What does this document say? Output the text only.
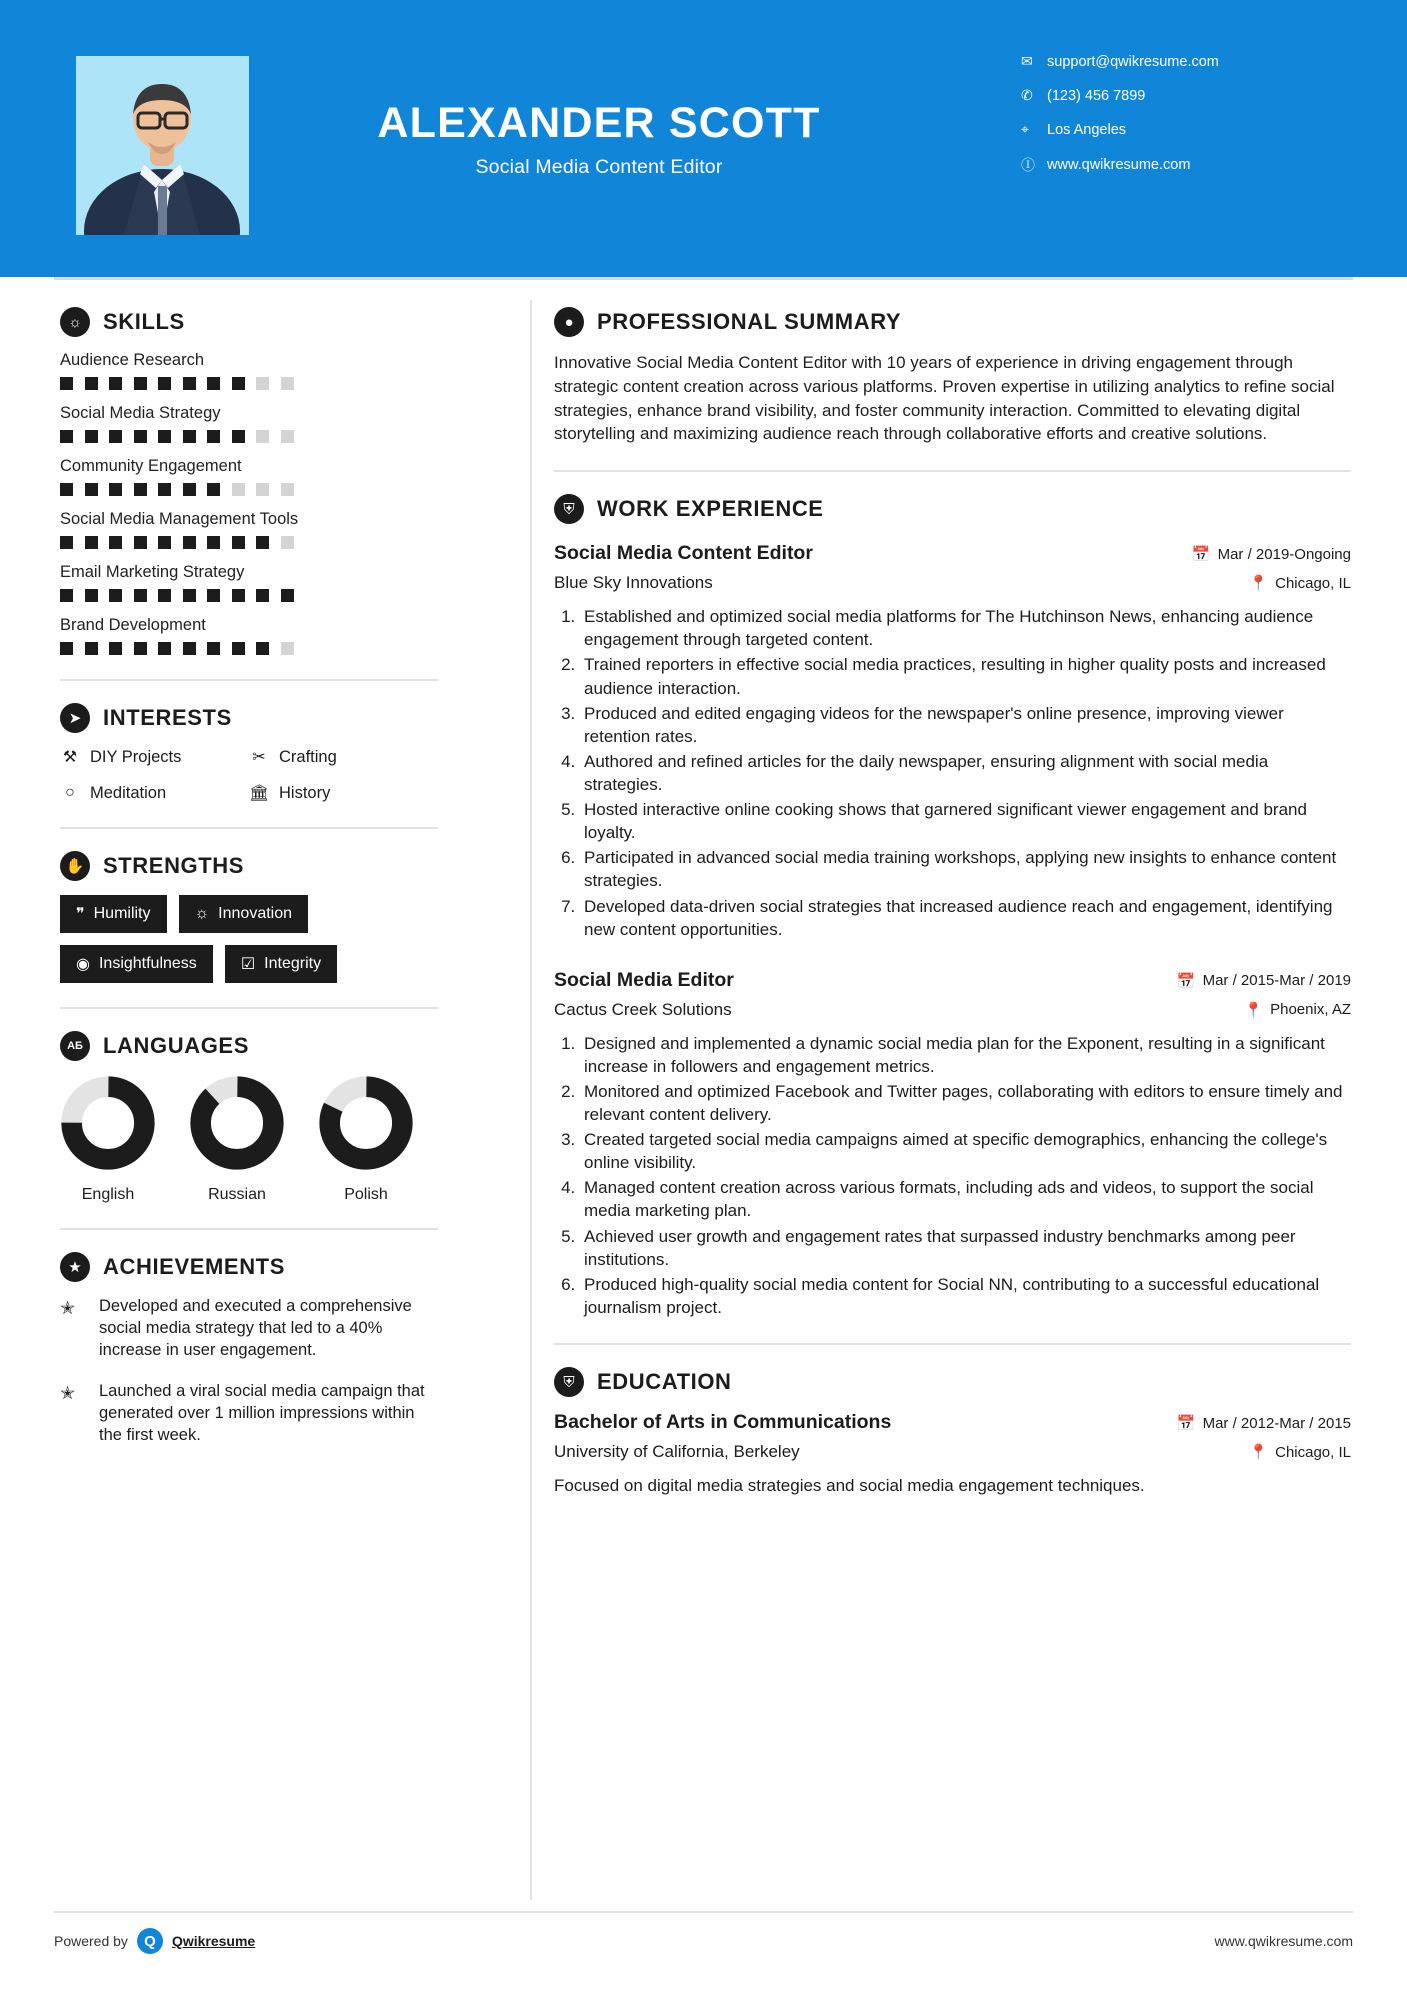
ALEXANDER SCOTT
Social Media Content Editor
✉ support@qwikresume.com
✆ (123) 456 7899
⌖	Los Angeles
Ⓘ www.qwikresume.com
☼ SKILLS
Audience Research
Social Media Strategy
Community Engagement
Social Media Management Tools
Email Marketing Strategy
Brand Development
➤ INTERESTS
⚒ DIY Projects	✂ Crafting
○ Meditation	🏛 History
✋ STRENGTHS
❞ Humility	☼ Innovation
◉ Insightfulness	☑ Integrity
AБ LANGUAGES
English	Russian	Polish
★ ACHIEVEMENTS
✭	Developed and executed a comprehensive social media strategy that led to a 40% increase in user engagement.
✭	Launched a viral social media campaign that generated over 1 million impressions within the first week.
●	PROFESSIONAL SUMMARY
Innovative Social Media Content Editor with 10 years of experience in driving engagement through strategic content creation across various platforms. Proven expertise in utilizing analytics to refine social strategies, enhance brand visibility, and foster community interaction. Committed to elevating digital storytelling and maximizing audience reach through collaborative efforts and creative solutions.
⛨	WORK EXPERIENCE
Social Media Content Editor	📅 Mar / 2019-Ongoing
Blue Sky Innovations	📍 Chicago, IL
1. Established and optimized social media platforms for The Hutchinson News, enhancing audience engagement through targeted content.
2. Trained reporters in effective social media practices, resulting in higher quality posts and increased audience interaction.
3. Produced and edited engaging videos for the newspaper's online presence, improving viewer retention rates.
4. Authored and refined articles for the daily newspaper, ensuring alignment with social media strategies.
5. Hosted interactive online cooking shows that garnered significant viewer engagement and brand loyalty.
6. Participated in advanced social media training workshops, applying new insights to enhance content strategies.
7. Developed data-driven social strategies that increased audience reach and engagement, identifying new content opportunities.
Social Media Editor	📅 Mar / 2015-Mar / 2019
Cactus Creek Solutions	📍 Phoenix, AZ
1. Designed and implemented a dynamic social media plan for the Exponent, resulting in a significant increase in followers and engagement metrics.
2. Monitored and optimized Facebook and Twitter pages, collaborating with editors to ensure timely and relevant content delivery.
3. Created targeted social media campaigns aimed at specific demographics, enhancing the college's online visibility.
4. Managed content creation across various formats, including ads and videos, to support the social media marketing plan.
5. Achieved user growth and engagement rates that surpassed industry benchmarks among peer institutions.
6. Produced high-quality social media content for Social NN, contributing to a successful educational journalism project.
⛨	EDUCATION
Bachelor of Arts in Communications	📅 Mar / 2012-Mar / 2015
University of California, Berkeley	📍 Chicago, IL
Focused on digital media strategies and social media engagement techniques.
Powered by	Q	Qwikresume	www.qwikresume.com
